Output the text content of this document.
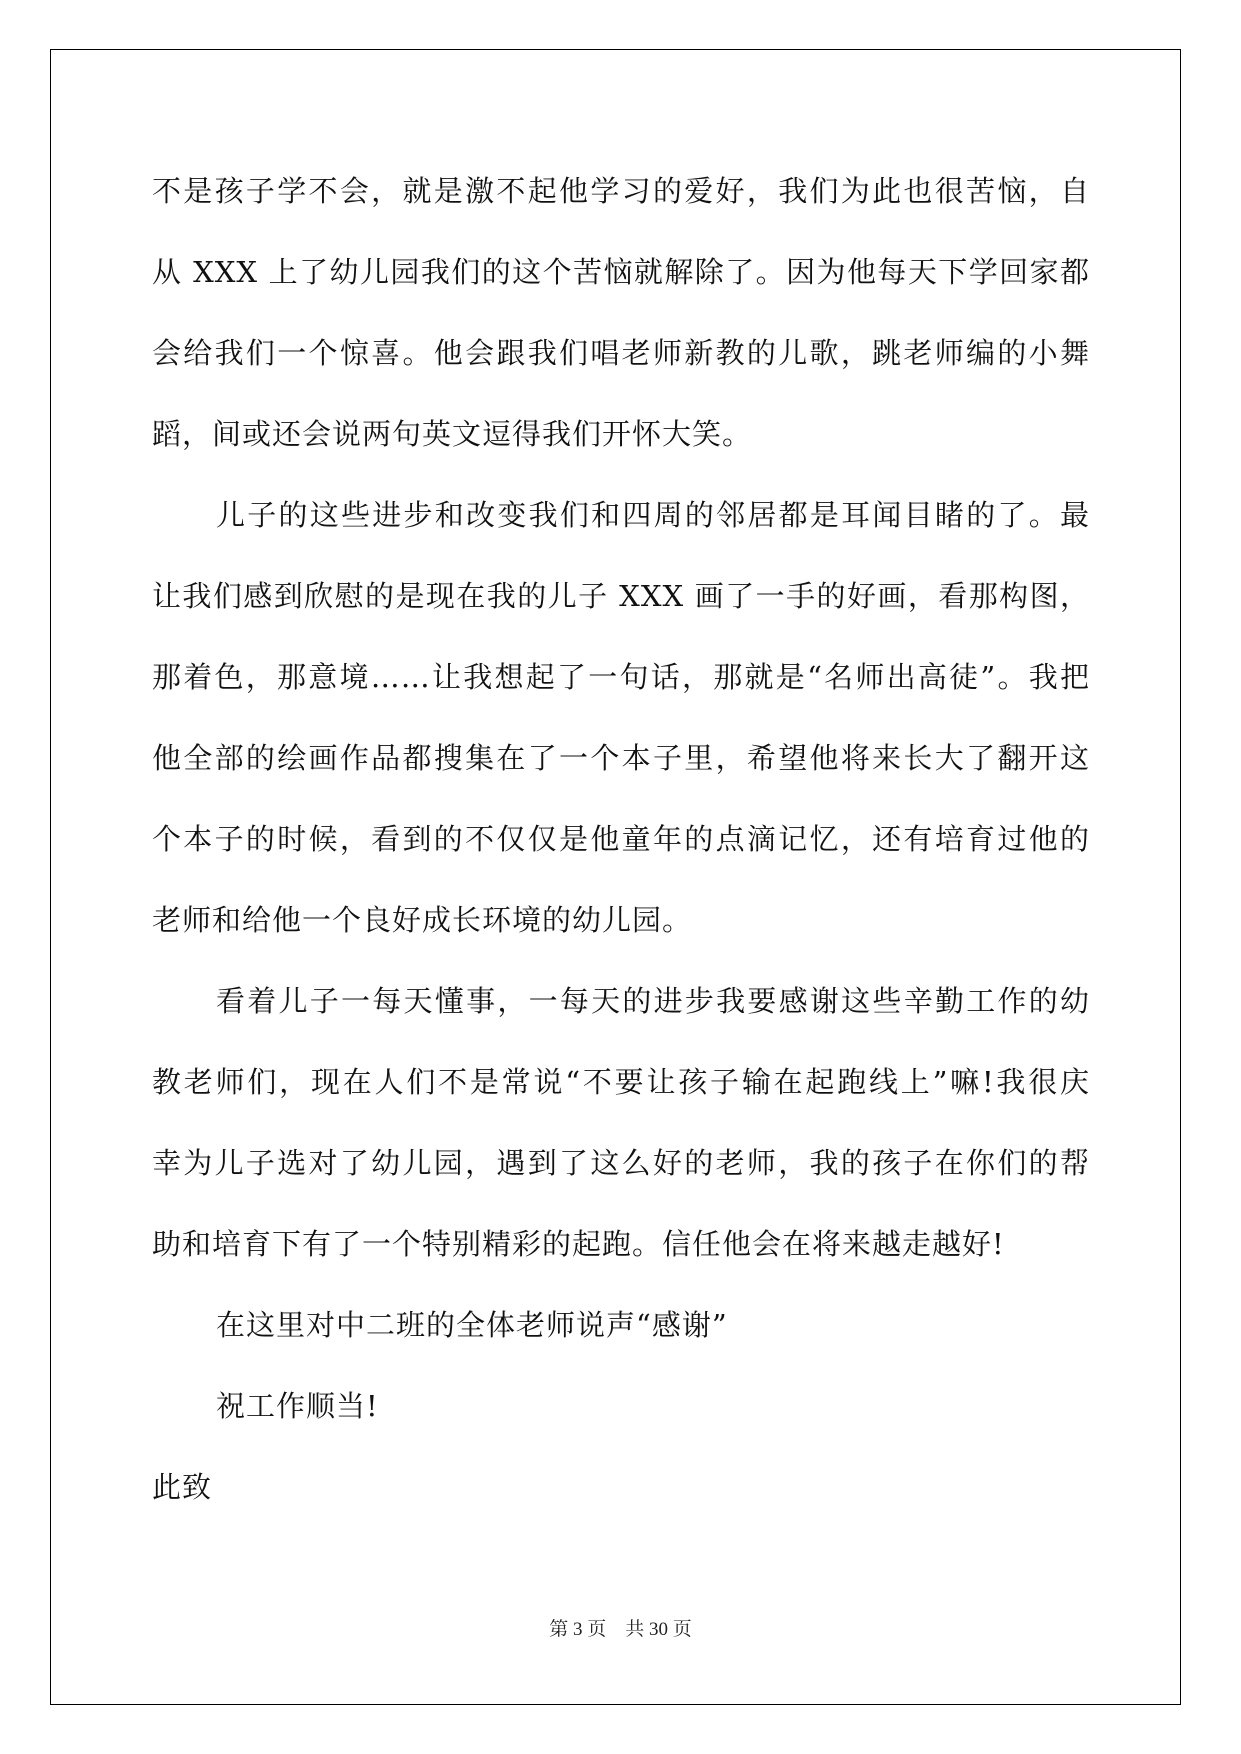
不是孩子学不会，就是激不起他学习的爱好，我们为此也很苦恼，自
从 XXX 上了幼儿园我们的这个苦恼就解除了。因为他每天下学回家都
会给我们一个惊喜。他会跟我们唱老师新教的儿歌，跳老师编的小舞
蹈，间或还会说两句英文逗得我们开怀大笑。
儿子的这些进步和改变我们和四周的邻居都是耳闻目睹的了。最
让我们感到欣慰的是现在我的儿子 XXX 画了一手的好画，看那构图，
那着色，那意境……让我想起了一句话，那就是“名师出高徒”。我把
他全部的绘画作品都搜集在了一个本子里，希望他将来长大了翻开这
个本子的时候，看到的不仅仅是他童年的点滴记忆，还有培育过他的
老师和给他一个良好成长环境的幼儿园。
看着儿子一每天懂事，一每天的进步我要感谢这些辛勤工作的幼
教老师们，现在人们不是常说“不要让孩子输在起跑线上”嘛!我很庆
幸为儿子选对了幼儿园，遇到了这么好的老师，我的孩子在你们的帮
助和培育下有了一个特别精彩的起跑。信任他会在将来越走越好!
在这里对中二班的全体老师说声“感谢”
祝工作顺当!
此致
第 3 页    共 30 页
